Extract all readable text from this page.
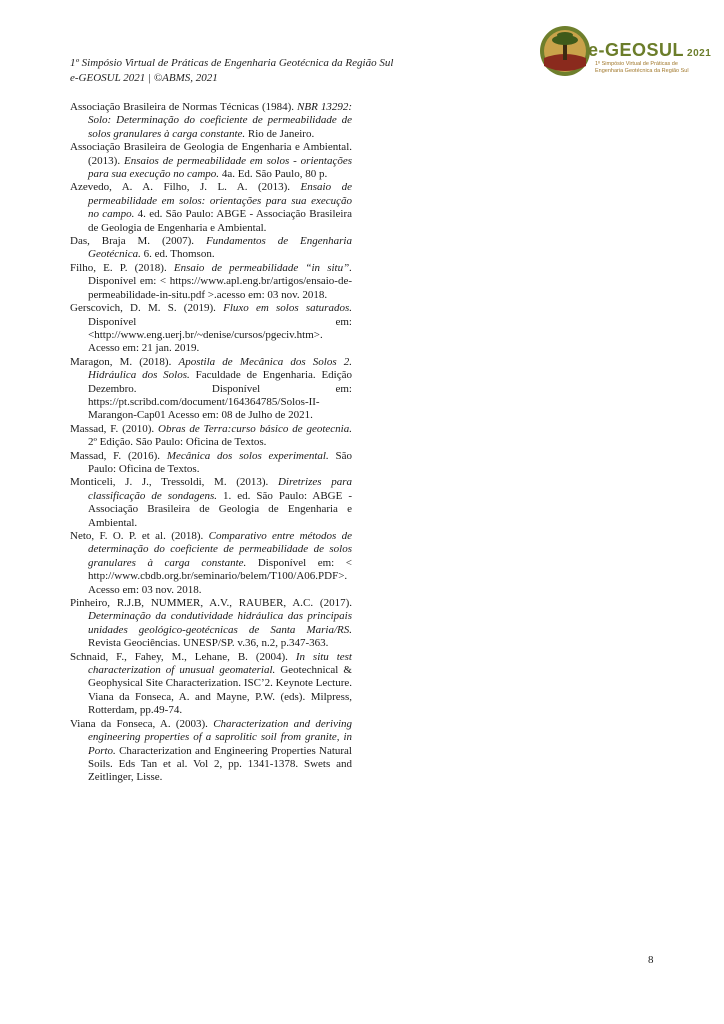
1º Simpósio Virtual de Práticas de Engenharia Geotécnica da Região Sul
e-GEOSUL 2021 | ©ABMS, 2021
e-GEOSUL 2021
1º Simpósio Virtual de Práticas de
Engenharia Geotécnica da Região Sul

Associação Brasileira de Normas Técnicas (1984). NBR 13292: Solo: Determinação do coeficiente de permeabilidade de solos granulares à carga constante. Rio de Janeiro.

Associação Brasileira de Geologia de Engenharia e Ambiental. (2013). Ensaios de permeabilidade em solos - orientações para sua execução no campo. 4a. Ed. São Paulo, 80 p.

Azevedo, A. A. Filho, J. L. A. (2013). Ensaio de permeabilidade em solos: orientações para sua execução no campo. 4. ed. São Paulo: ABGE - Associação Brasileira de Geologia de Engenharia e Ambiental.

Das, Braja M. (2007). Fundamentos de Engenharia Geotécnica. 6. ed. Thomson.

Filho, E. P. (2018). Ensaio de permeabilidade “in situ”. Disponível em: < https://www.apl.eng.br/artigos/ensaio-de-permeabilidade-in-situ.pdf >.acesso em: 03 nov. 2018.

Gerscovich, D. M. S. (2019). Fluxo em solos saturados. Disponível em: <http://www.eng.uerj.br/~denise/cursos/pgeciv.htm>. Acesso em: 21 jan. 2019.

Maragon, M. (2018). Apostila de Mecânica dos Solos 2. Hidráulica dos Solos. Faculdade de Engenharia. Edição Dezembro. Disponível em: https://pt.scribd.com/document/164364785/Solos-II-Marangon-Cap01 Acesso em: 08 de Julho de 2021.

Massad, F. (2010). Obras de Terra:curso básico de geotecnia. 2º Edição. São Paulo: Oficina de Textos.

Massad, F. (2016). Mecânica dos solos experimental. São Paulo: Oficina de Textos.

Monticeli, J. J., Tressoldi, M. (2013). Diretrizes para classificação de sondagens. 1. ed. São Paulo: ABGE - Associação Brasileira de Geologia de Engenharia e Ambiental.

Neto, F. O. P. et al. (2018). Comparativo entre métodos de determinação do coeficiente de permeabilidade de solos granulares à carga constante. Disponível em: < http://www.cbdb.org.br/seminario/belem/T100/A06.PDF>. Acesso em: 03 nov. 2018.

Pinheiro, R.J.B, NUMMER, A.V., RAUBER, A.C. (2017). Determinação da condutividade hidráulica das principais unidades geológico-geotécnicas de Santa Maria/RS. Revista Geociências. UNESP/SP. v.36, n.2, p.347-363.

Schnaid, F., Fahey, M., Lehane, B. (2004). In situ test characterization of unusual geomaterial. Geotechnical & Geophysical Site Characterization. ISC’2. Keynote Lecture. Viana da Fonseca, A. and Mayne, P.W. (eds). Milpress, Rotterdam, pp.49-74.

Viana da Fonseca, A. (2003). Characterization and deriving engineering properties of a saprolitic soil from granite, in Porto. Characterization and Engineering Properties Natural Soils. Eds Tan et al. Vol 2, pp. 1341-1378. Swets and Zeitlinger, Lisse.

8
